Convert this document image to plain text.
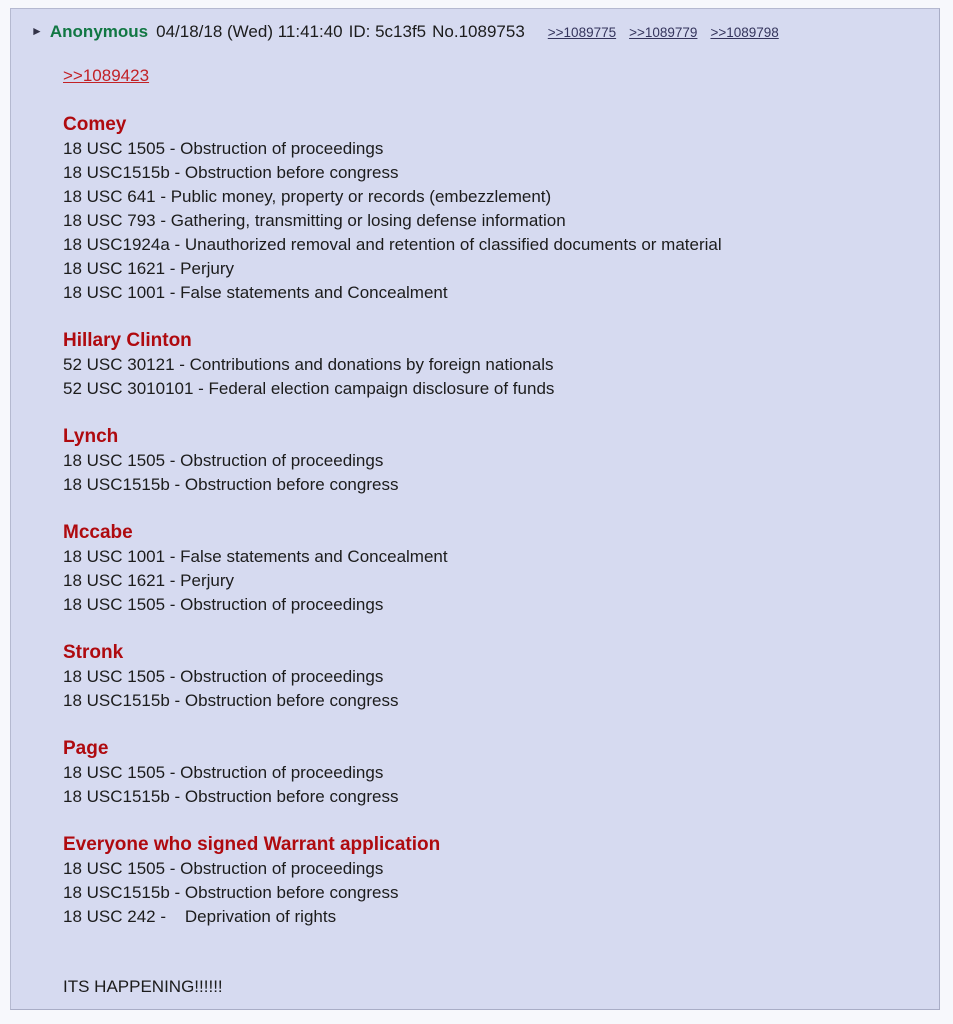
► Anonymous 04/18/18 (Wed) 11:41:40 ID: 5c13f5 No.1089753 >>1089775 >>1089779 >>1089798
>>1089423
Comey
18 USC 1505 - Obstruction of proceedings
18 USC1515b - Obstruction before congress
18 USC 641 - Public money, property or records (embezzlement)
18 USC 793 - Gathering, transmitting or losing defense information
18 USC1924a - Unauthorized removal and retention of classified documents or material
18 USC 1621 - Perjury
18 USC 1001 - False statements and Concealment
Hillary Clinton
52 USC 30121 - Contributions and donations by foreign nationals
52 USC 3010101 - Federal election campaign disclosure of funds
Lynch
18 USC 1505 - Obstruction of proceedings
18 USC1515b - Obstruction before congress
Mccabe
18 USC 1001 - False statements and Concealment
18 USC 1621 - Perjury
18 USC 1505 - Obstruction of proceedings
Stronk
18 USC 1505 - Obstruction of proceedings
18 USC1515b - Obstruction before congress
Page
18 USC 1505 - Obstruction of proceedings
18 USC1515b - Obstruction before congress
Everyone who signed Warrant application
18 USC 1505 - Obstruction of proceedings
18 USC1515b - Obstruction before congress
18 USC 242 -    Deprivation of rights
ITS HAPPENING!!!!!!
